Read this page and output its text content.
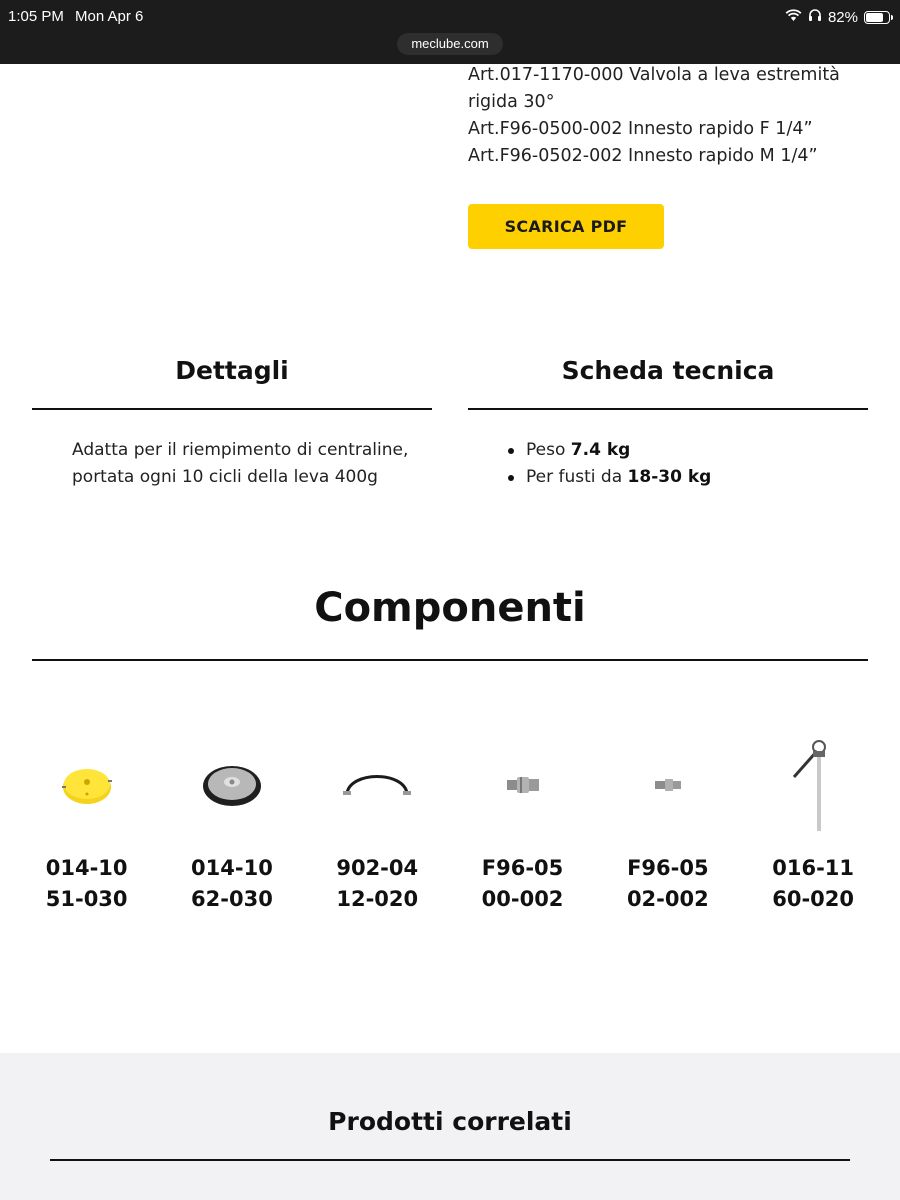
1:05 PM Mon Apr 6	82%
meclube.com

Art.017-1170-000 Valvola a leva estremità rigida 30°

Art.F96-0500-002 Innesto rapido F 1/4”

Art.F96-0502-002 Innesto rapido M 1/4”

SCARICA PDF
Dettagli
Adatta per il riempimento di centraline, portata ogni 10 cicli della leva 400g
Scheda tecnica
Peso 7.4 kg
Per fusti da 18-30 kg
Componenti
014-1051-030
014-1062-030
902-0412-020
F96-0500-002
F96-0502-002
016-1160-020
Prodotti correlati
